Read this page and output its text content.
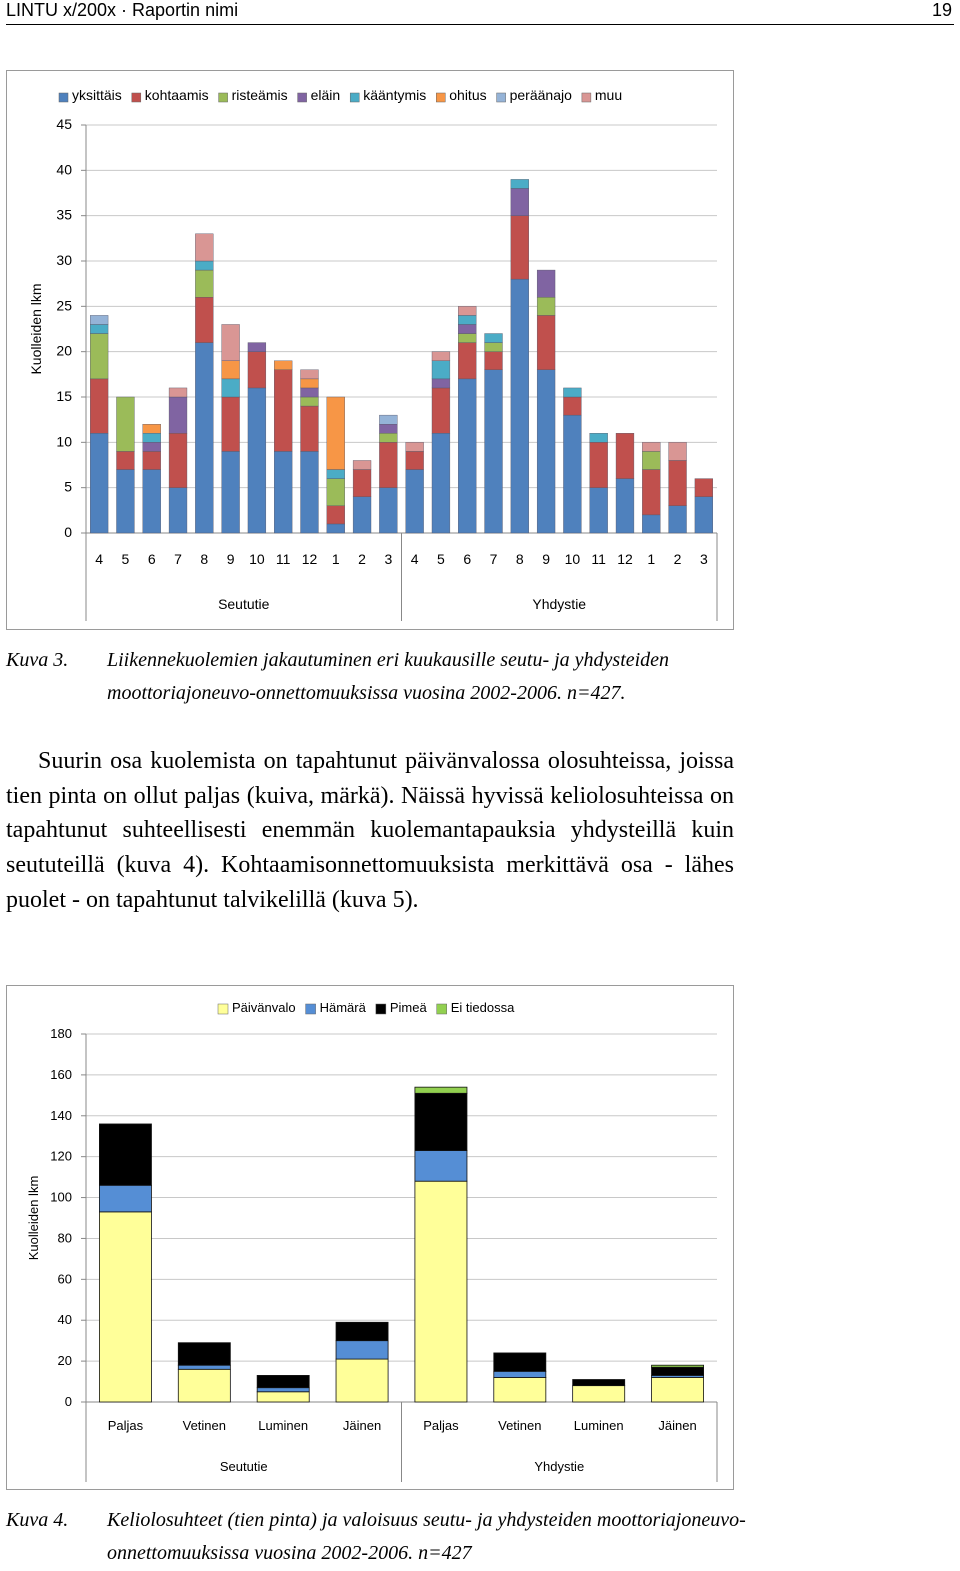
LINTU x/200x · Raportin nimi	19
yksittäis kohtaamis risteämis eläin kääntymis ohitus peräänajo muu
0
5
10
15
20
25
30
35
40
45
Kuolleiden lkm
4 5 6 7 8 9 10 11 12 1 2 3 4 5 6 7 8 9 10 11 12 1 2 3
Seututie	Yhdystie
Kuva 3. Liikennekuolemien jakautuminen eri kuukausille seutu- ja yhdysteiden moottoriajoneuvo-onnettomuuksissa vuosina 2002-2006. n=427.

Suurin osa kuolemista on tapahtunut päivänvalossa olosuhteissa, joissa tien pinta on ollut paljas (kuiva, märkä). Näissä hyvissä keliolosuhteissa on tapahtunut suhteellisesti enemmän kuolemantapauksia yhdysteillä kuin seututeillä (kuva 4). Kohtaamisonnettomuuksista merkittävä osa - lähes puolet - on tapahtunut talvikelillä (kuva 5).

Päivänvalo Hämärä Pimeä Ei tiedossa
0
20
40
60
80
100
120
140
160
180
Kuolleiden lkm
Paljas	Vetinen Luminen	Jäinen	Paljas	Vetinen Luminen	Jäinen
Seututie	Yhdystie
Kuva 4. Keliolosuhteet (tien pinta) ja valoisuus seutu- ja yhdysteiden moottoriajoneuvo-onnettomuuksissa vuosina 2002-2006. n=427
